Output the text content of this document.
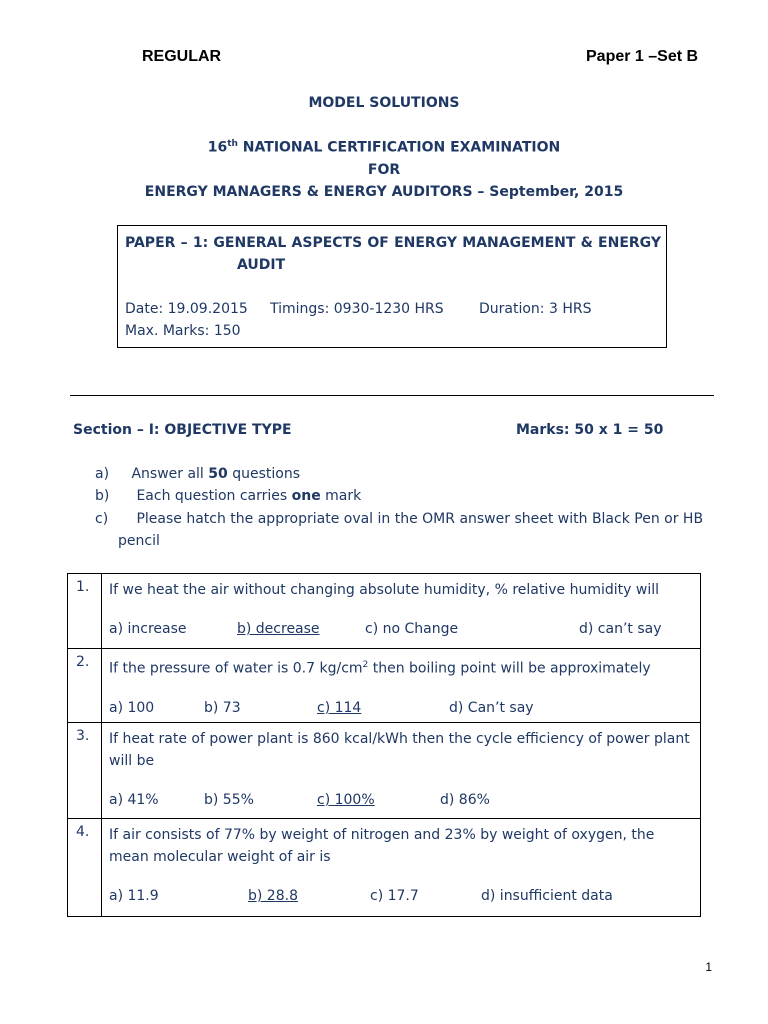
REGULAR	Paper 1 –Set B
MODEL SOLUTIONS
16th NATIONAL CERTIFICATION EXAMINATION
FOR
ENERGY MANAGERS & ENERGY AUDITORS – September, 2015
PAPER – 1: GENERAL ASPECTS OF ENERGY MANAGEMENT & ENERGY
AUDIT
Date: 19.09.2015 Timings: 0930-1230 HRS	Duration: 3 HRS
Max. Marks: 150
Section – I: OBJECTIVE TYPE	Marks: 50 x 1 = 50
a) Answer all 50 questions
b) Each question carries one mark
c) Please hatch the appropriate oval in the OMR answer sheet with Black Pen or HB
pencil
1.	If we heat the air without changing absolute humidity, % relative humidity will
a) increase b) decrease c) no Change d) can’t say

2.	If the pressure of water is 0.7 $kg/cm^2$ then boiling point will be approximately
a) 100 b) 73 c) 114 d) Can’t say

3.	If heat rate of power plant is 860 kcal/kWh then the cycle efficiency of power plant will be
a) 41% b) 55% c) 100% d) 86%

4.	If air consists of 77% by weight of nitrogen and 23% by weight of oxygen, the mean molecular weight of air is
a) 11.9 b) 28.8 c) 17.7 d) insufficient data
1
